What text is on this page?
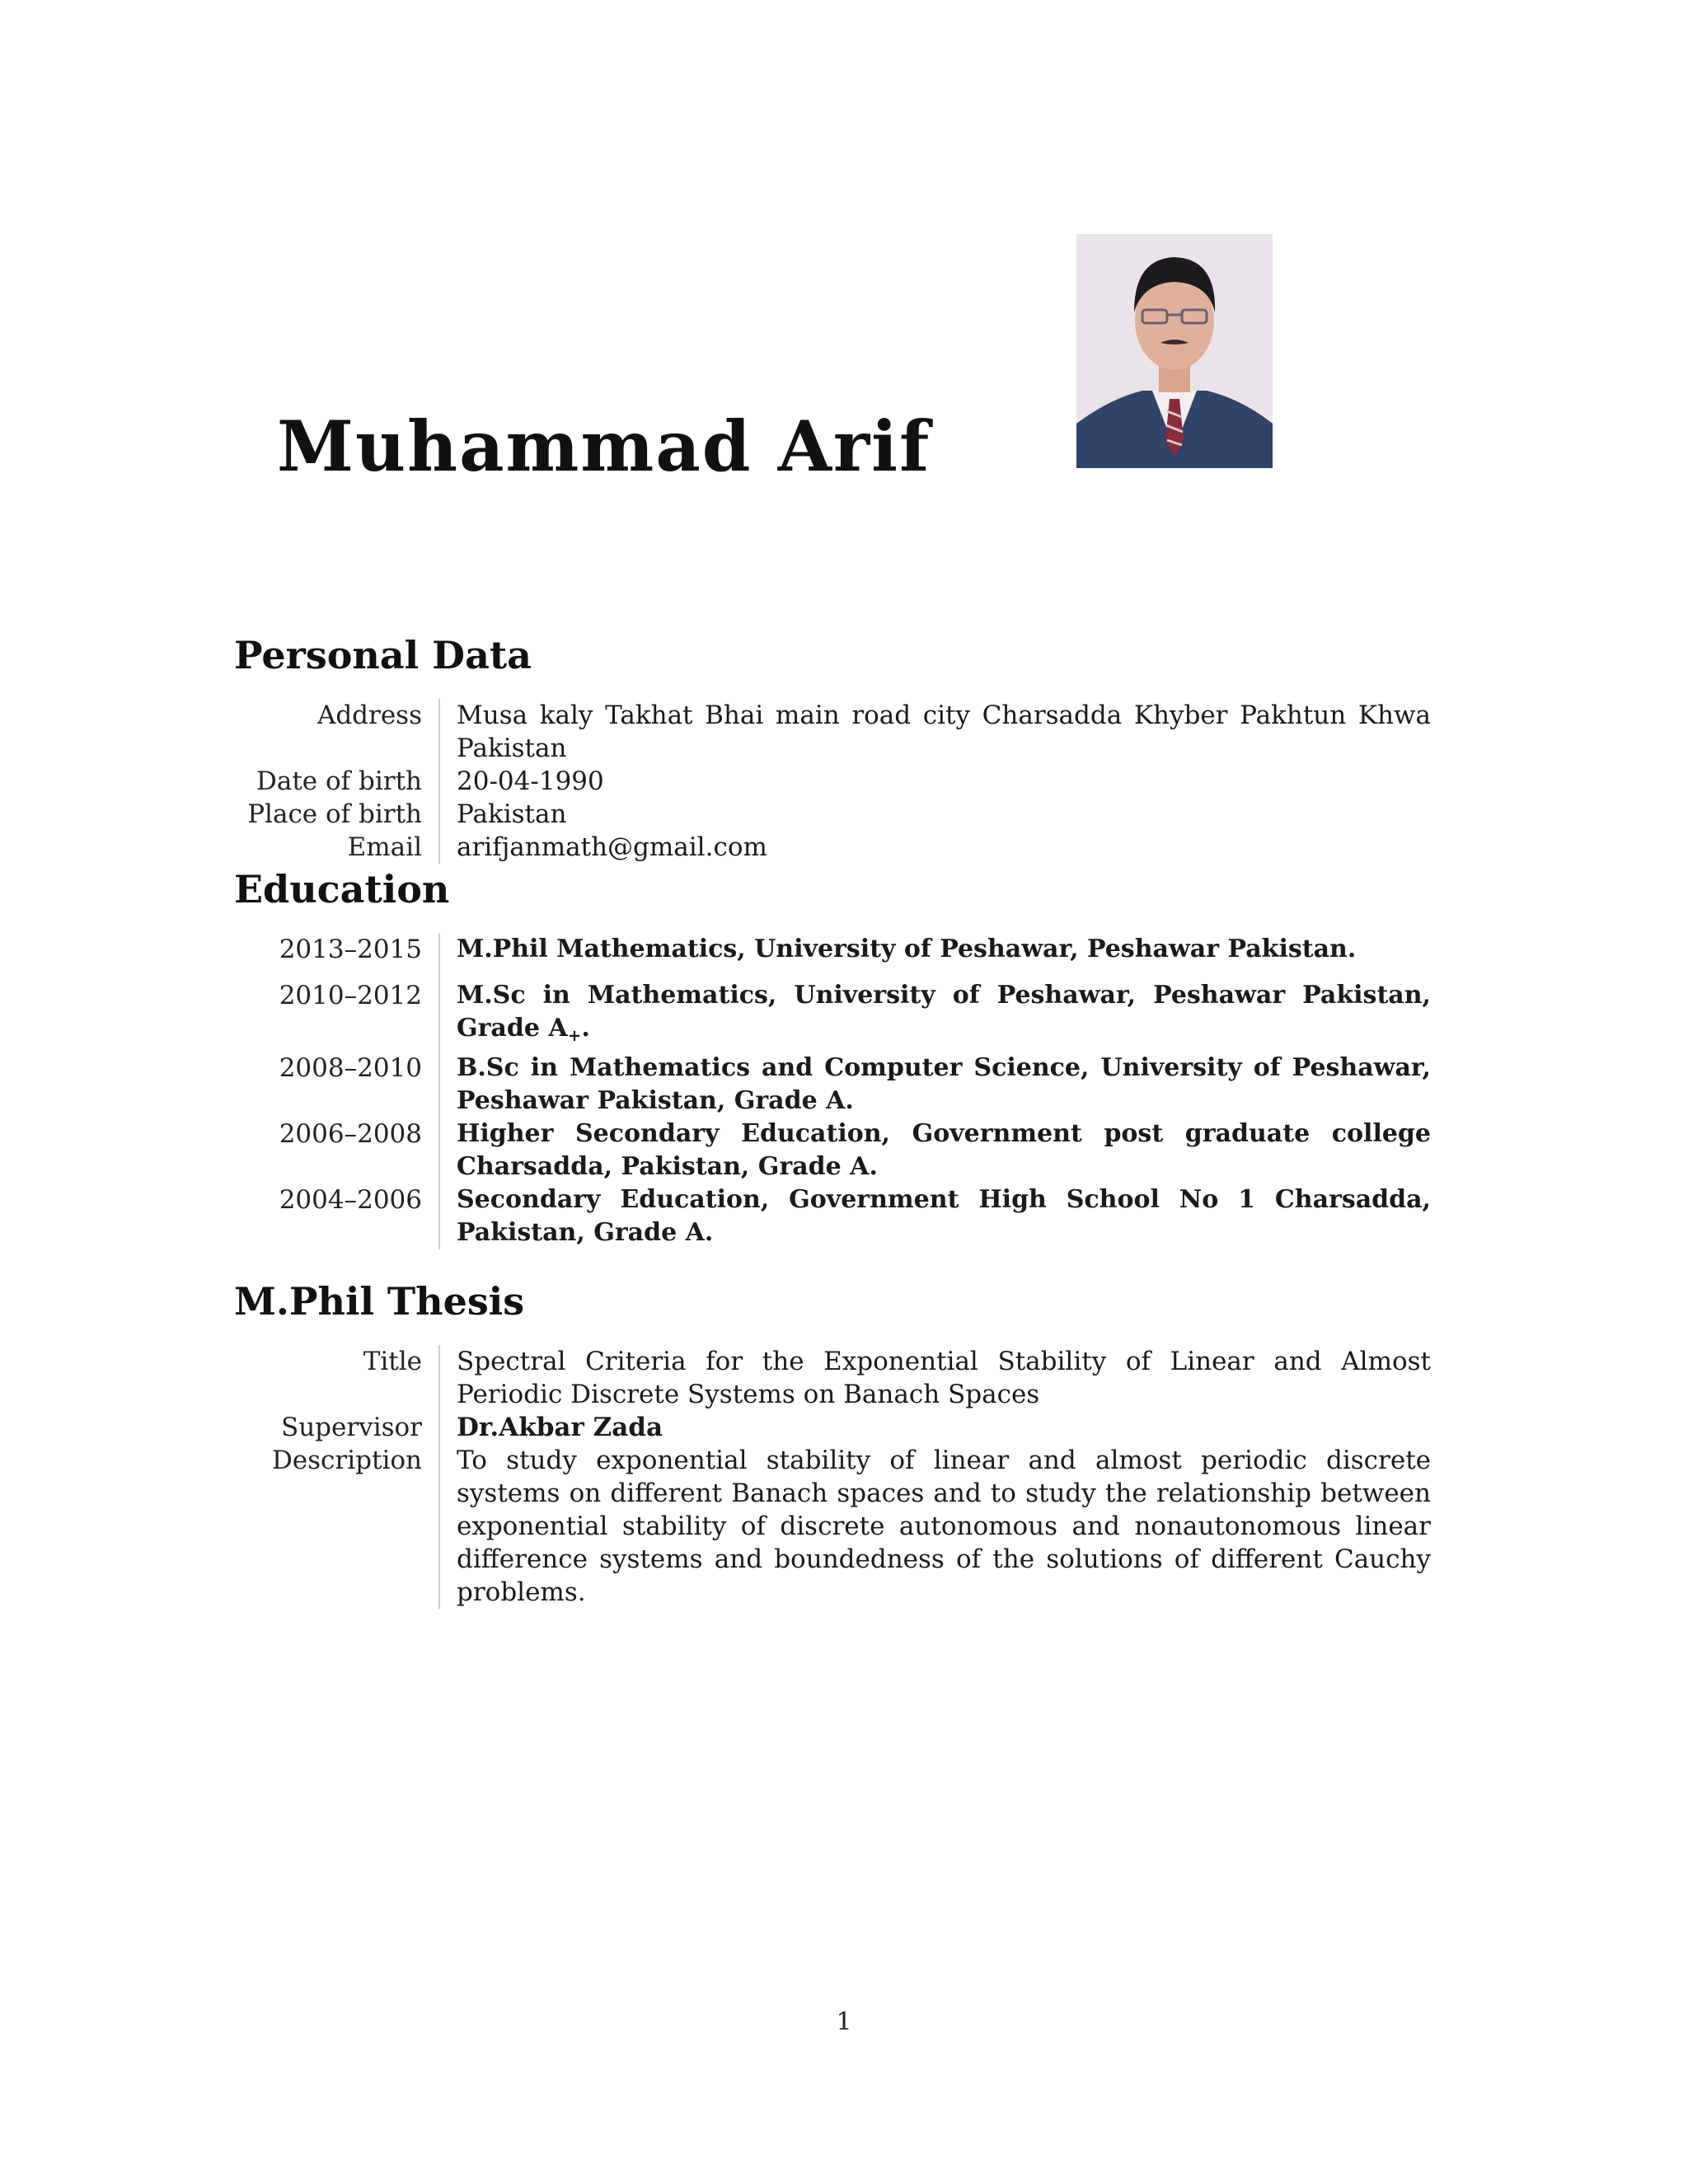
Muhammad Arif
Personal Data
Address Musa kaly Takhat Bhai main road city Charsadda Khyber Pakhtun Khwa Pakistan
Date of birth 20-04-1990
Place of birth Pakistan
Email arifjanmath@gmail.com
Education
2013–2015 M.Phil Mathematics, University of Peshawar, Peshawar Pakistan.
2010–2012 M.Sc in Mathematics, University of Peshawar, Peshawar Pakistan, Grade $A_+$.
2008–2010 B.Sc in Mathematics and Computer Science, University of Peshawar, Peshawar Pakistan, Grade A.
2006–2008 Higher Secondary Education, Government post graduate college Charsadda, Pakistan, Grade A.
2004–2006 Secondary Education, Government High School No 1 Charsadda, Pakistan, Grade A.
M.Phil Thesis
Title Spectral Criteria for the Exponential Stability of Linear and Almost Periodic Discrete Systems on Banach Spaces
Supervisor Dr.Akbar Zada
Description To study exponential stability of linear and almost periodic discrete systems on different Banach spaces and to study the relationship between exponential stability of discrete autonomous and nonautonomous linear difference systems and boundedness of the solutions of different Cauchy problems.
1
